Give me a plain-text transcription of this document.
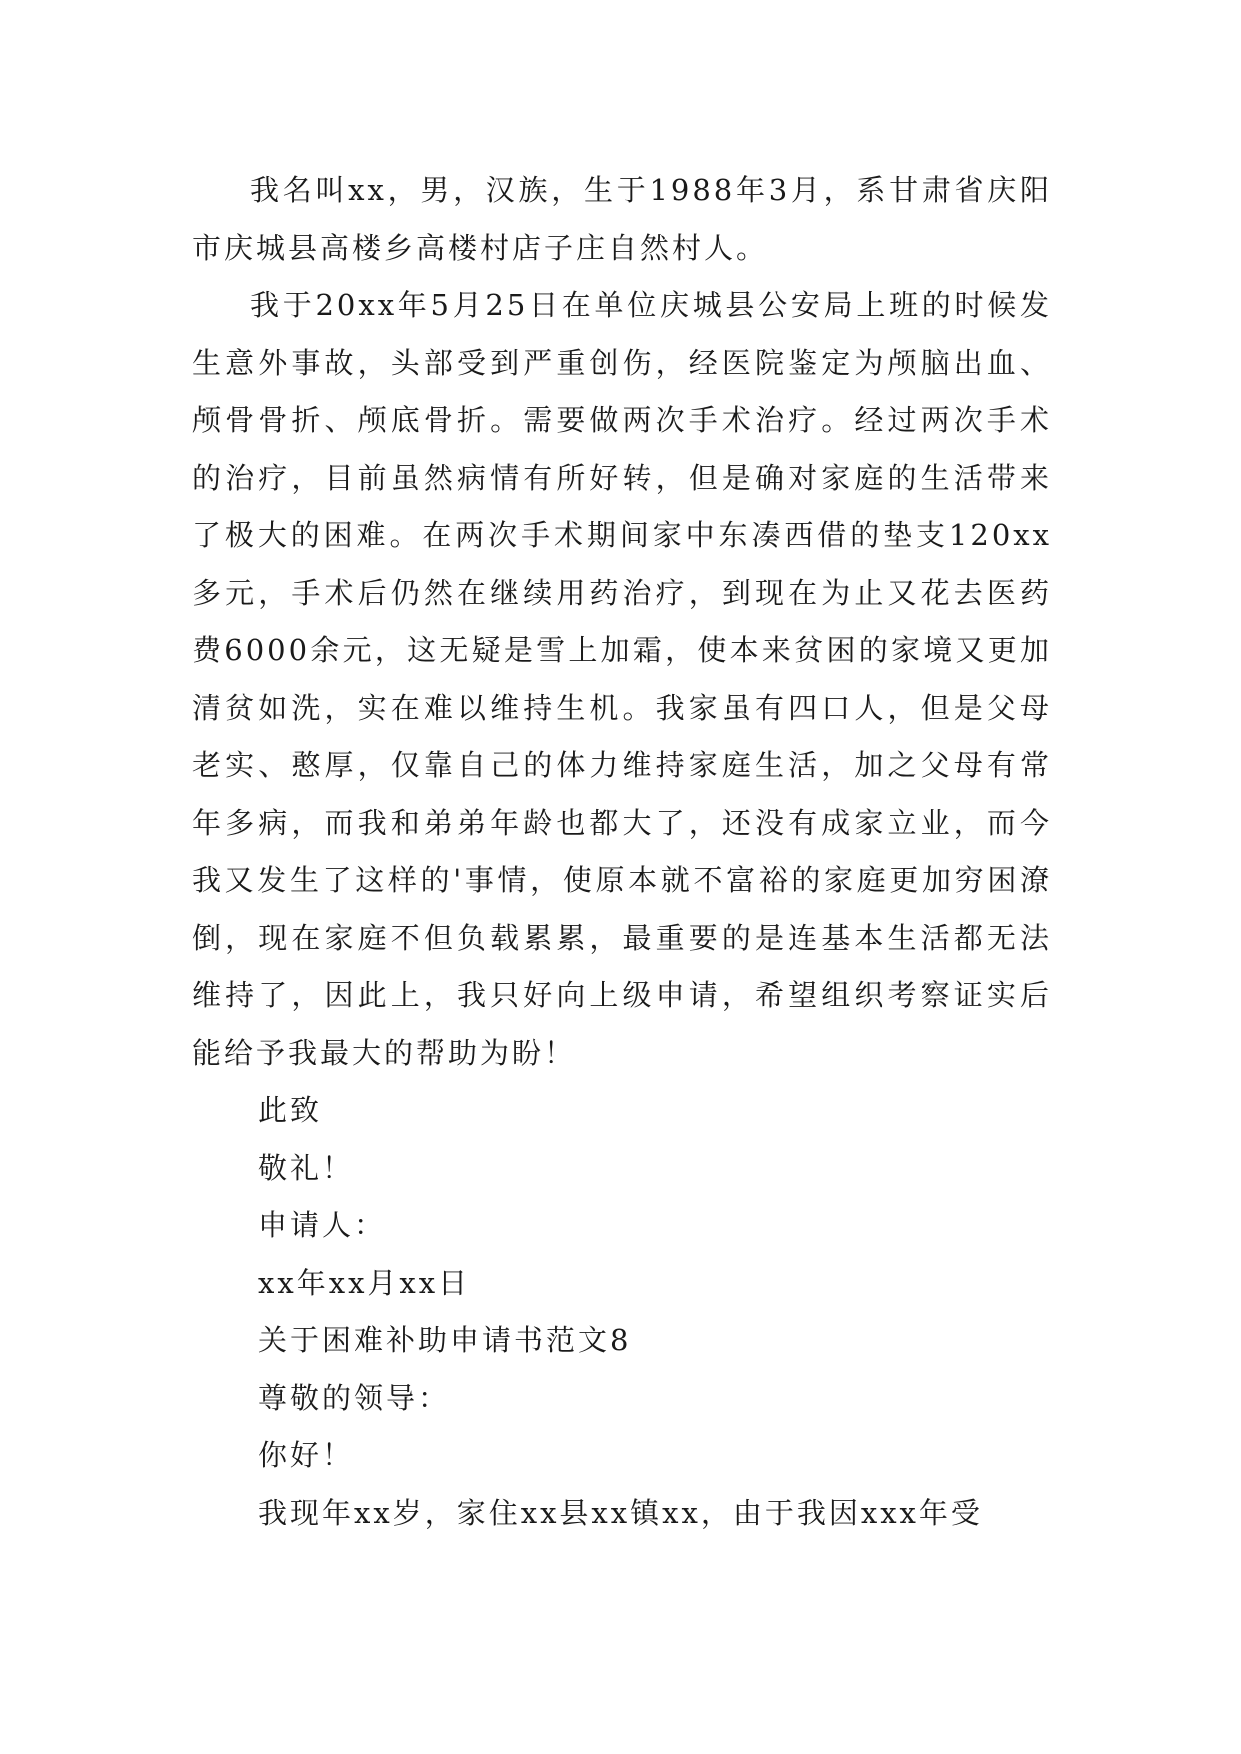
我名叫xx，男，汉族，生于1988年3月，系甘肃省庆阳市庆城县高楼乡高楼村店子庄自然村人。

我于20xx年5月25日在单位庆城县公安局上班的时候发生意外事故，头部受到严重创伤，经医院鉴定为颅脑出血、颅骨骨折、颅底骨折。需要做两次手术治疗。经过两次手术的治疗，目前虽然病情有所好转，但是确对家庭的生活带来了极大的困难。在两次手术期间家中东凑西借的垫支120xx多元，手术后仍然在继续用药治疗，到现在为止又花去医药费6000余元，这无疑是雪上加霜，使本来贫困的家境又更加清贫如洗，实在难以维持生机。我家虽有四口人，但是父母老实、憨厚，仅靠自己的体力维持家庭生活，加之父母有常年多病，而我和弟弟年龄也都大了，还没有成家立业，而今我又发生了这样的'事情，使原本就不富裕的家庭更加穷困潦倒，现在家庭不但负载累累，最重要的是连基本生活都无法维持了，因此上，我只好向上级申请，希望组织考察证实后能给予我最大的帮助为盼！

此致

敬礼！

申请人：

xx年xx月xx日

关于困难补助申请书范文8

尊敬的领导：

你好！

我现年xx岁，家住xx县xx镇xx，由于我因xxx年受
